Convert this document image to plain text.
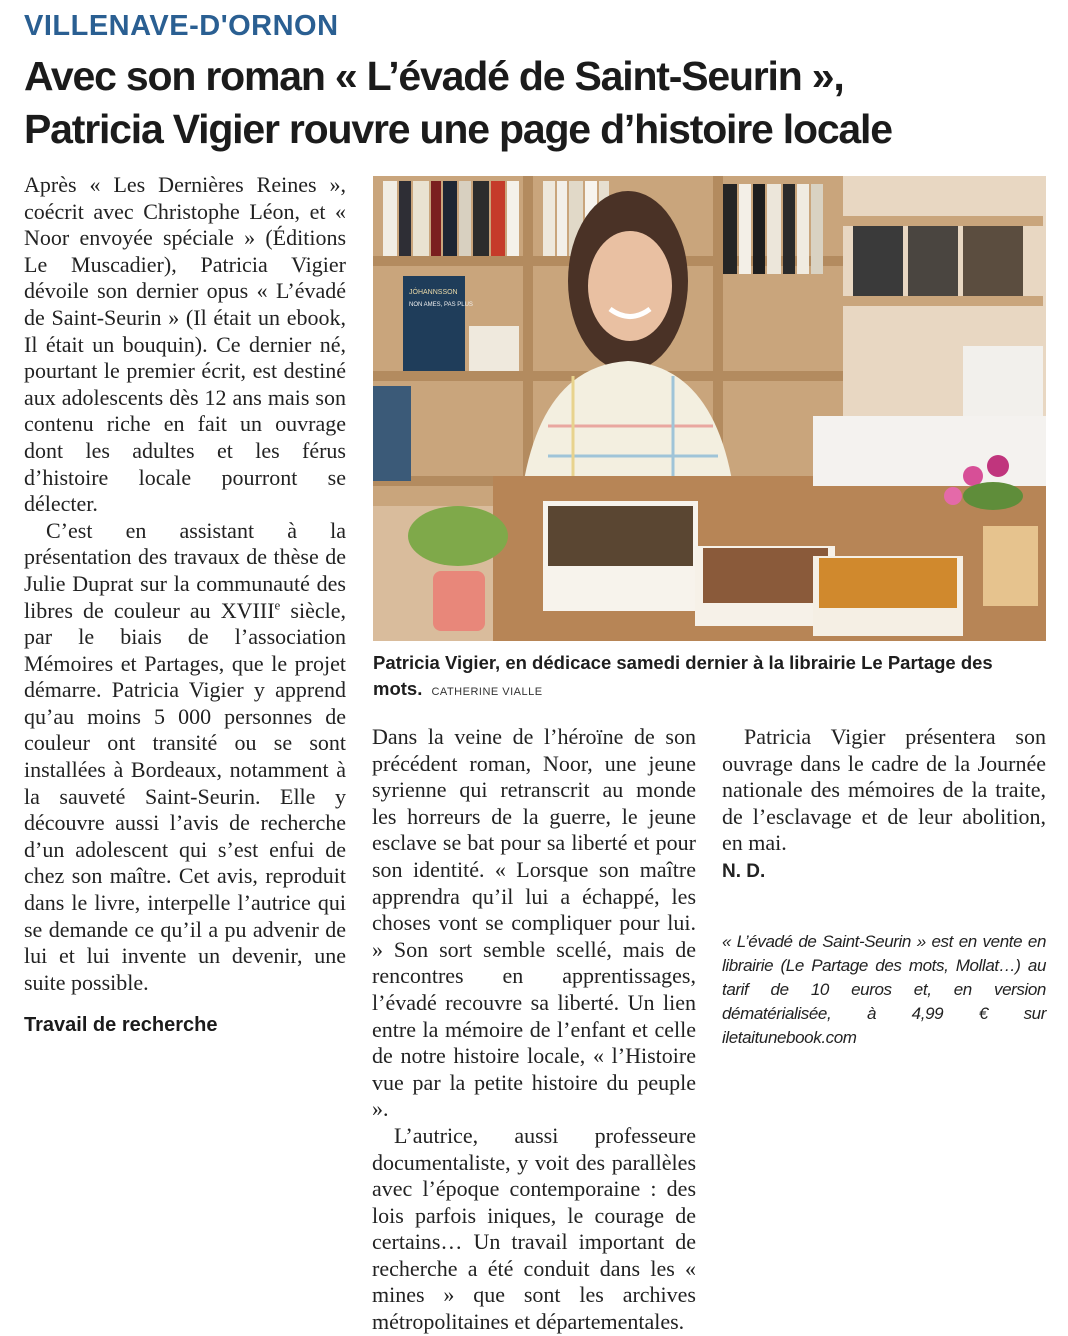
VILLENAVE-D'ORNON
Avec son roman « L’évadé de Saint-Seurin »,
Patricia Vigier rouvre une page d’histoire locale
JÓHANNSSON
NON AMES, PAS PLUS
Patricia Vigier, en dédicace samedi dernier à la librairie Le Partage des mots. CATHERINE VIALLE

Après « Les Dernières Reines », coécrit avec Christophe Léon, et « Noor envoyée spéciale » (Éditions Le Muscadier), Patricia Vigier dévoile son dernier opus « L’évadé de Saint-Seurin » (Il était un ebook, Il était un bouquin). Ce dernier né, pourtant le premier écrit, est destiné aux adolescents dès 12 ans mais son contenu riche en fait un ouvrage dont les adultes et les férus d’histoire locale pourront se délecter.

C’est en assistant à la présentation des travaux de thèse de Julie Duprat sur la communauté des libres de couleur au XVIIIe siècle, par le biais de l’association Mémoires et Partages, que le projet démarre. Patricia Vigier y apprend qu’au moins 5 000 personnes de couleur ont transité ou se sont installées à Bordeaux, notamment à la sauveté Saint-Seurin. Elle y découvre aussi l’avis de recherche d’un adolescent qui s’est enfui de chez son maître. Cet avis, reproduit dans le livre, interpelle l’autrice qui se demande ce qu’il a pu advenir de lui et lui invente un devenir, une suite possible.

Travail de recherche

Dans la veine de l’héroïne de son précédent roman, Noor, une jeune syrienne qui retranscrit au monde les horreurs de la guerre, le jeune esclave se bat pour sa liberté et pour son identité. « Lorsque son maître apprendra qu’il lui a échappé, les choses vont se compliquer pour lui. » Son sort semble scellé, mais de rencontres en apprentissages, l’évadé recouvre sa liberté. Un lien entre la mémoire de l’enfant et celle de notre histoire locale, « l’Histoire vue par la petite histoire du peuple ».

L’autrice, aussi professeure documentaliste, y voit des parallèles avec l’époque contemporaine : des lois parfois iniques, le courage de certains… Un travail important de recherche a été conduit dans les « mines » que sont les archives métropolitaines et départementales.

Patricia Vigier présentera son ouvrage dans le cadre de la Journée nationale des mémoires de la traite, de l’esclavage et de leur abolition, en mai.

N. D.
« L’évadé de Saint-Seurin » est en vente en librairie (Le Partage des mots, Mollat…) au tarif de 10 euros et, en version dématérialisée, à 4,99 € sur iletaitunebook.com
